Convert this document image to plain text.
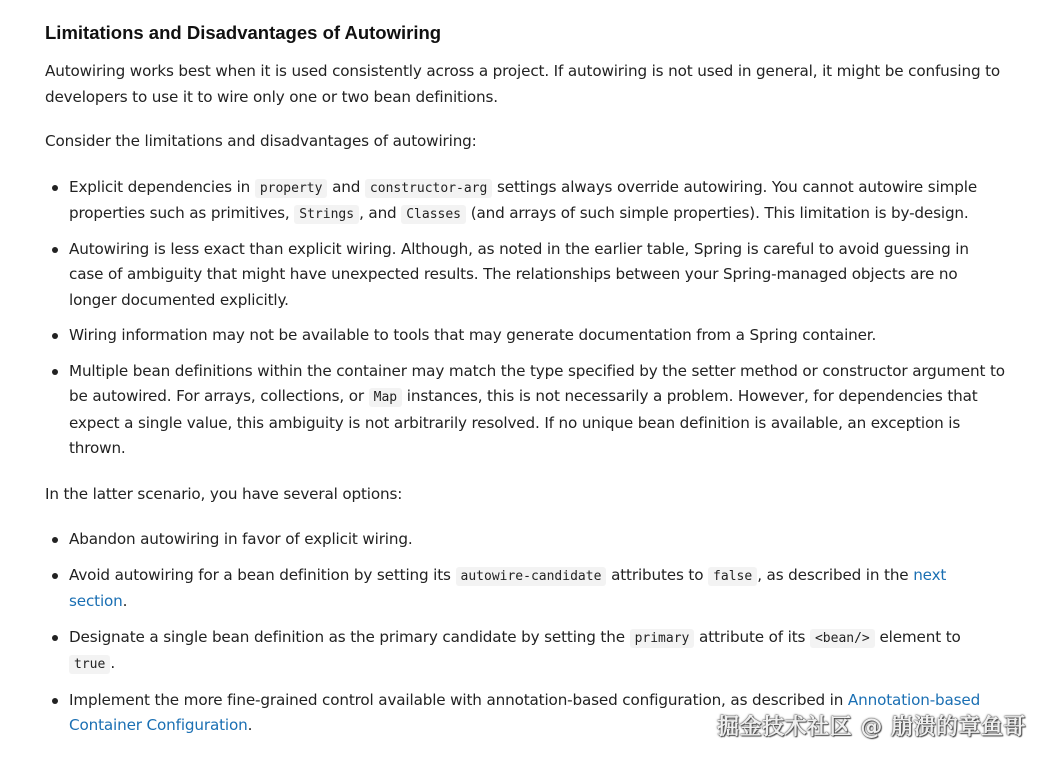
Limitations and Disadvantages of Autowiring

Autowiring works best when it is used consistently across a project. If autowiring is not used in general, it might be confusing to developers to use it to wire only one or two bean definitions.

Consider the limitations and disadvantages of autowiring:

Explicit dependencies in property and constructor-arg settings always override autowiring. You cannot autowire simple properties such as primitives, Strings , and Classes (and arrays of such simple properties). This limitation is by-design.
Autowiring is less exact than explicit wiring. Although, as noted in the earlier table, Spring is careful to avoid guessing in case of ambiguity that might have unexpected results. The relationships between your Spring-managed objects are no longer documented explicitly.
Wiring information may not be available to tools that may generate documentation from a Spring container.
Multiple bean definitions within the container may match the type specified by the setter method or constructor argument to be autowired. For arrays, collections, or Map instances, this is not necessarily a problem. However, for dependencies that expect a single value, this ambiguity is not arbitrarily resolved. If no unique bean definition is available, an exception is thrown.

In the latter scenario, you have several options:

Abandon autowiring in favor of explicit wiring.
Avoid autowiring for a bean definition by setting its autowire-candidate attributes to false , as described in the next section.
Designate a single bean definition as the primary candidate by setting the primary attribute of its <bean/> element to true .
Implement the more fine-grained control available with annotation-based configuration, as described in Annotation-based Container Configuration.	掘金技术社区 @ 崩溃的章鱼哥
